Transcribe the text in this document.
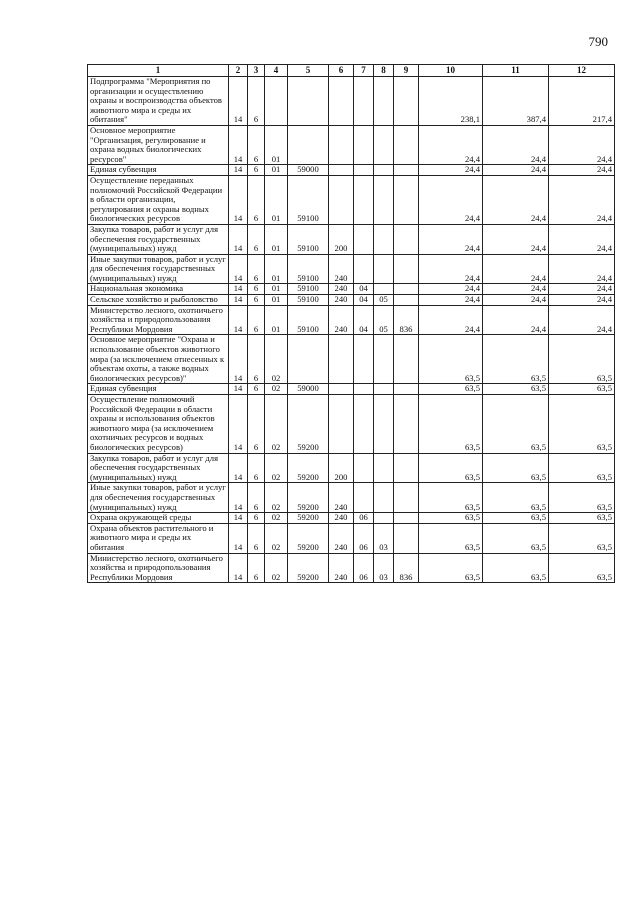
790
1	2	3	4	5	6	7	8	9	10	11	12
Подпрограмма "Мероприятия по организации и осуществлению охраны и воспроизводства объектов животного мира и среды их обитания"	14	6							238,1	387,4	217,4
Основное мероприятие "Организация, регулирование и охрана водных биологических ресурсов"	14	6	01						24,4	24,4	24,4
Единая субвенция	14	6	01	59000					24,4	24,4	24,4
Осуществление переданных полномочий Российской Федерации в области организации, регулирования и охраны водных биологических ресурсов	14	6	01	59100					24,4	24,4	24,4
Закупка товаров, работ и услуг для обеспечения государственных (муниципальных) нужд	14	6	01	59100	200				24,4	24,4	24,4
Иные закупки товаров, работ и услуг для обеспечения государственных (муниципальных) нужд	14	6	01	59100	240				24,4	24,4	24,4
Национальная экономика	14	6	01	59100	240	04			24,4	24,4	24,4
Сельское хозяйство и рыболовство	14	6	01	59100	240	04	05		24,4	24,4	24,4
Министерство лесного, охотничьего хозяйства и природопользования Республики Мордовия	14	6	01	59100	240	04	05	836	24,4	24,4	24,4
Основное мероприятие "Охрана и использование объектов животного мира (за исключением отнесенных к объектам охоты, а также водных биологических ресурсов)"	14	6	02						63,5	63,5	63,5
Единая субвенция	14	6	02	59000					63,5	63,5	63,5
Осуществление полномочий Российской Федерации в области охраны и использования объектов животного мира (за исключением охотничьих ресурсов и водных биологических ресурсов)	14	6	02	59200					63,5	63,5	63,5
Закупка товаров, работ и услуг для обеспечения государственных (муниципальных) нужд	14	6	02	59200	200				63,5	63,5	63,5
Иные закупки товаров, работ и услуг для обеспечения государственных (муниципальных) нужд	14	6	02	59200	240				63,5	63,5	63,5
Охрана окружающей среды	14	6	02	59200	240	06			63,5	63,5	63,5
Охрана объектов растительного и животного мира и среды их обитания	14	6	02	59200	240	06	03		63,5	63,5	63,5
Министерство лесного, охотничьего хозяйства и природопользования Республики Мордовия	14	6	02	59200	240	06	03	836	63,5	63,5	63,5
